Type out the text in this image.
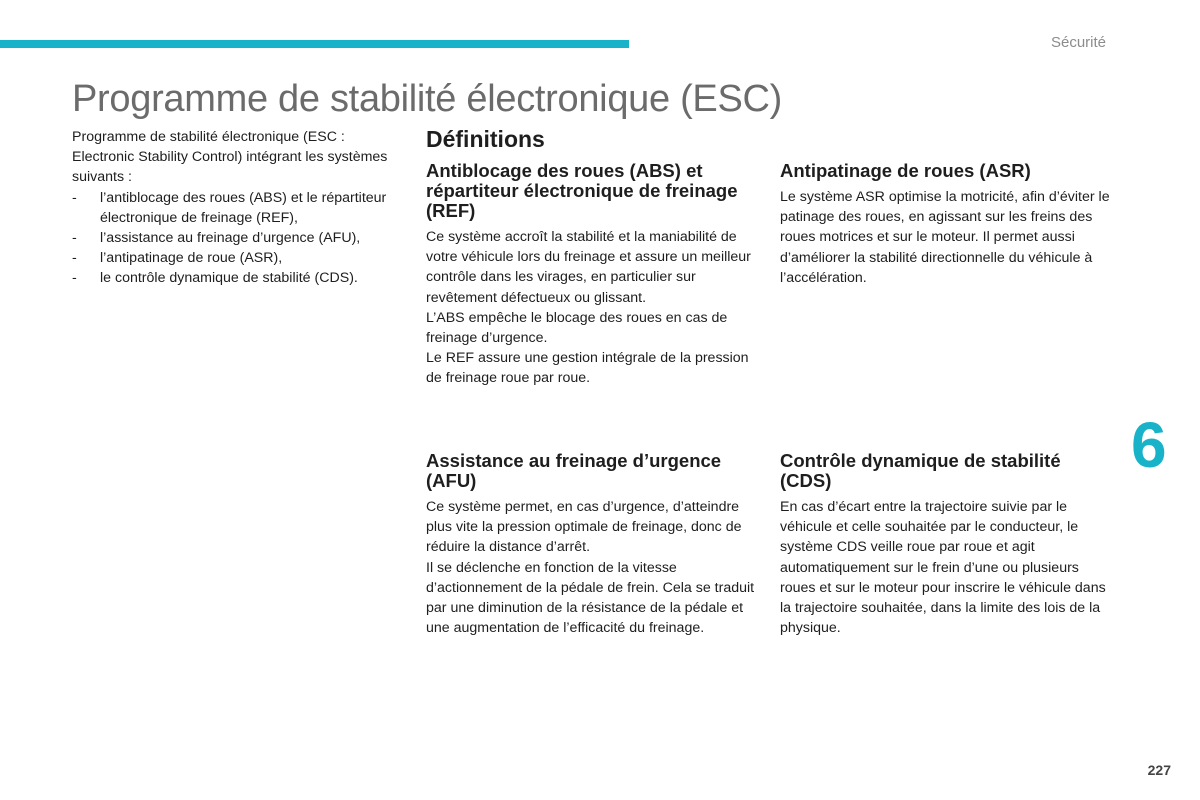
Sécurité
Programme de stabilité électronique (ESC)

Programme de stabilité électronique (ESC : Electronic Stability Control) intégrant les systèmes suivants :

- l’antiblocage des roues (ABS) et le répartiteur électronique de freinage (REF),
- l’assistance au freinage d’urgence (AFU),
- l’antipatinage de roue (ASR),
- le contrôle dynamique de stabilité (CDS).
Définitions
Antiblocage des roues (ABS) et répartiteur électronique de freinage (REF)
Ce système accroît la stabilité et la maniabilité de votre véhicule lors du freinage et assure un meilleur contrôle dans les virages, en particulier sur revêtement défectueux ou glissant.
L’ABS empêche le blocage des roues en cas de freinage d’urgence.
Le REF assure une gestion intégrale de la pression de freinage roue par roue.
Antipatinage de roues (ASR)
Le système ASR optimise la motricité, afin d’éviter le patinage des roues, en agissant sur les freins des roues motrices et sur le moteur. Il permet aussi d’améliorer la stabilité directionnelle du véhicule à l’accélération.
Assistance au freinage d’urgence (AFU)
Ce système permet, en cas d’urgence, d’atteindre plus vite la pression optimale de freinage, donc de réduire la distance d’arrêt.
Il se déclenche en fonction de la vitesse d’actionnement de la pédale de frein. Cela se traduit par une diminution de la résistance de la pédale et une augmentation de l’efficacité du freinage.
Contrôle dynamique de stabilité (CDS)
En cas d’écart entre la trajectoire suivie par le véhicule et celle souhaitée par le conducteur, le système CDS veille roue par roue et agit automatiquement sur le frein d’une ou plusieurs roues et sur le moteur pour inscrire le véhicule dans la trajectoire souhaitée, dans la limite des lois de la physique.
6
227
